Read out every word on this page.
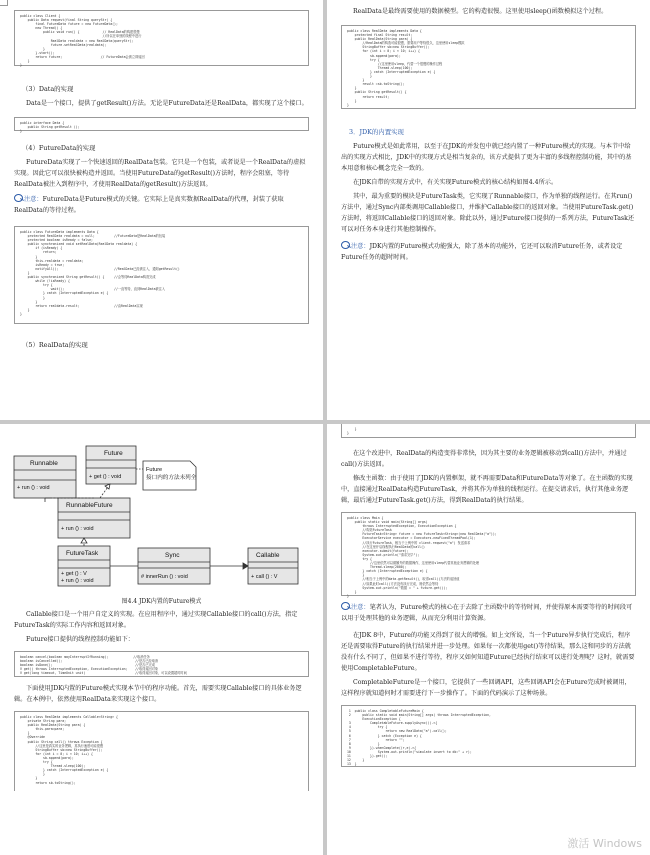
public class Client {
public Data request(final String queryStr) {
final FutureData future = new FutureData();
new Thread() {
public void run() {            // RealData的构建很慢
//所以在单独的线程中进行
RealData realdata = new RealData(queryStr);
future.setRealData(realdata);
}
}.start();
return future;                    // FutureData会被立即返回
}
}
（3）Data的实现
Data是一个接口，提供了getResult()方法。无论是FutureData还是RealData，都实现了这个接口。
public interface Data {
public String getResult ();
}
（4）FutureData的实现
FutureData实现了一个快速返回的RealData包装。它只是一个包装，或者说是一个RealData的虚拟实现。因此它可以很快被构造并返回。当使用FutureData的getResult()方法时，程序会阻塞，等待RealData被注入到程序中，才使用RealData的getResult()方法返回。
注意：FutureData是Future模式的关键。它实际上是真实数据RealData的代理，封装了获取RealData的等待过程。
public class FutureData implements Data {
protected RealData realdata = null;          //FutureData是RealData的包装
protected boolean isReady = false;
public synchronized void setRealData(RealData realdata) {
if (isReady) {
return;
}
this.realdata = realdata;
isReady = true;
notifyAll();                             //RealData已经被注入，通知getResult()
}
public synchronized String getResult() {     //会等待RealData构造完成
while (!isReady) {
try {
wait();                          //一直等待，直到RealData被注入
} catch (InterruptedException e) {
}
}
return realdata.result;                  //由RealData实现
}
}
（5）RealData的实现
RealData是最终需要使用的数据模型。它的构造很慢。这里使用sleep()函数模拟这个过程。
public class RealData implements Data {
protected final String result;
public RealData(String para) {
//RealData的构造可能很慢，需要用户等待很久，这里使用sleep模拟
StringBuffer sb=new StringBuffer();
for (int i = 0; i < 10; i++) {
sb.append(para);
try {
//这里使用sleep，代替一个很慢的操作过程
Thread.sleep(100);
} catch (InterruptedException e) {
}
}
result =sb.toString();
}
public String getResult() {
return result;
}
}
3．JDK的内置实现
Future模式是如此常用，以至于在JDK的并发包中就已经内置了一种Future模式的实现。与本节中给出的实现方式相比，JDK中的实现方式是相当复杂的，该方式提供了更为丰富的多线程控制功能，其中的基本用意和核心概念完全一致的。
在JDK自带的实现方式中，有关实现Future模式的核心结构如图4.4所示。
其中，最为重要的模块是FutureTask类，它实现了Runnable接口，作为单独的线程运行。在其run()方法中，通过Sync内部类调用Callable接口，并维护Callable接口的返回对象。当使用FutureTask.get()方法时，将返回Callable接口的返回对象。除此以外，通过Future接口提供的一系列方法，FutureTask还可以对任务本身进行其他控制操作。
注意：JDK内置的Future模式功能强大，除了基本的功能外，它还可以取消Future任务，或者设定Future任务的超时时间。
Runnable
+ run () : void
Future
+ get () : void
RunnableFuture
+ run () : void
FutureTask
+ get () : V
+ run () : void
Sync
# innerRun () : void
Callable
+ call () : V
Future 接口内的方法未列全
图4.4 JDK内置的Future模式
Callable接口是一个用户自定义的实现。在应用程序中，通过实现Callable接口的call()方法，指定FutureTask的实际工作内容和返回对象。
Future接口提供的线程控制功能如下：
boolean cancel(boolean mayInterruptIfRunning);             //取消任务
boolean isCancelled();                                      //是否已经取消
boolean isDone();                                           //是否已完成
V get() throws InterruptedException, ExecutionException;    //取得返回对象
V get(long timeout, TimeUnit unit)                          //取得返回对象，可以设置超时时间
下面使用JDK内置的Future模式实现本节中的程序功能。首先，需要实现Callable接口的具体业务逻辑。在本例中，依然使用RealData来实现这个接口。
public class RealData implements Callable<String> {
private String para;
public RealData(String para) {
this.para=para;
}
@Override
public String call() throws Exception {
//这里是真实的业务逻辑，其执行速度可能很慢
StringBuffer sb=new StringBuffer();
for (int i = 0; i < 10; i++) {
sb.append(para);
try {
Thread.sleep(100);
} catch (InterruptedException e) {
}
}
return sb.toString();
}
}
在这个改进中，RealData的构造变得非常快，因为其主要的业务逻辑被移动到call()方法中，并通过call()方法返回。
修改主函数：由于使用了JDK的内置框架，就不再需要Data和FutureData等对象了。在主函数的实现中，直接通过RealData构造FutureTask，并将其作为单独的线程运行。在提交请求后，执行其他业务逻辑，最后通过FutureTask.get()方法，得到RealData的执行结果。
public class Main {
public static void main(String[] args)
throws InterruptedException, ExecutionException {
//构造FutureTask
FutureTask<String> future = new FutureTask<String>(new RealData("a"));
ExecutorService executor = Executors.newFixedThreadPool(1);
//执行FutureTask，相当于上例中的 client.request("a") 发送请求
//在这里开启线程执行RealData的call()
executor.submit(future);
System.out.println("请求完毕");
try {
//这里依然可以做额外的数据操作，这里使用sleep代替其他业务逻辑的处理
Thread.sleep(2000);
} catch (InterruptedException e) {
}
//相当于上例中的data.getResult()，取得call()方法的返回值
//如果此时call()方法没有执行完成，则依然会等待
System.out.println("数据 = " + future.get());
}
}
注意：笔者认为，Future模式的核心在于去除了主函数中的等待时间，并使得原本需要等待的时间段可以用于处理其他的业务逻辑，从而充分利用计算资源。
在JDK 8中，Future的功能又得到了很大的增强。如上文所说，当一个Future异步执行完成后，程序还是需要取得Future的执行结果并进一步处理。如果每一次都使用get()等待结果，那么这和同步的方法就没有什么不同了，但如果不进行等待，程序又如何知道Future已经执行结束可以进行处理呢？这时，就需要使用CompletableFuture。
CompletableFuture是一个接口，它提供了一些回调API，这些回调API会在Future完成时被调用，这样程序就知道何时才需要进行下一步操作了。下面的代码演示了这种场景。
1  public class CompletableFutureMain {
2      public static void main(String[] args) throws InterruptedException,
ExecutionException {
3          CompletableFuture.supplyAsync(()->{
4              try {
5                  return new RealData("a").call();
6              } catch (Exception e) {
7                  return "";
8              }
9          }).whenComplete((r,e)->{
10              System.out.println("simulate insert to db:" + r);
11          }).get();
12      }
13  }
激活 Windows
